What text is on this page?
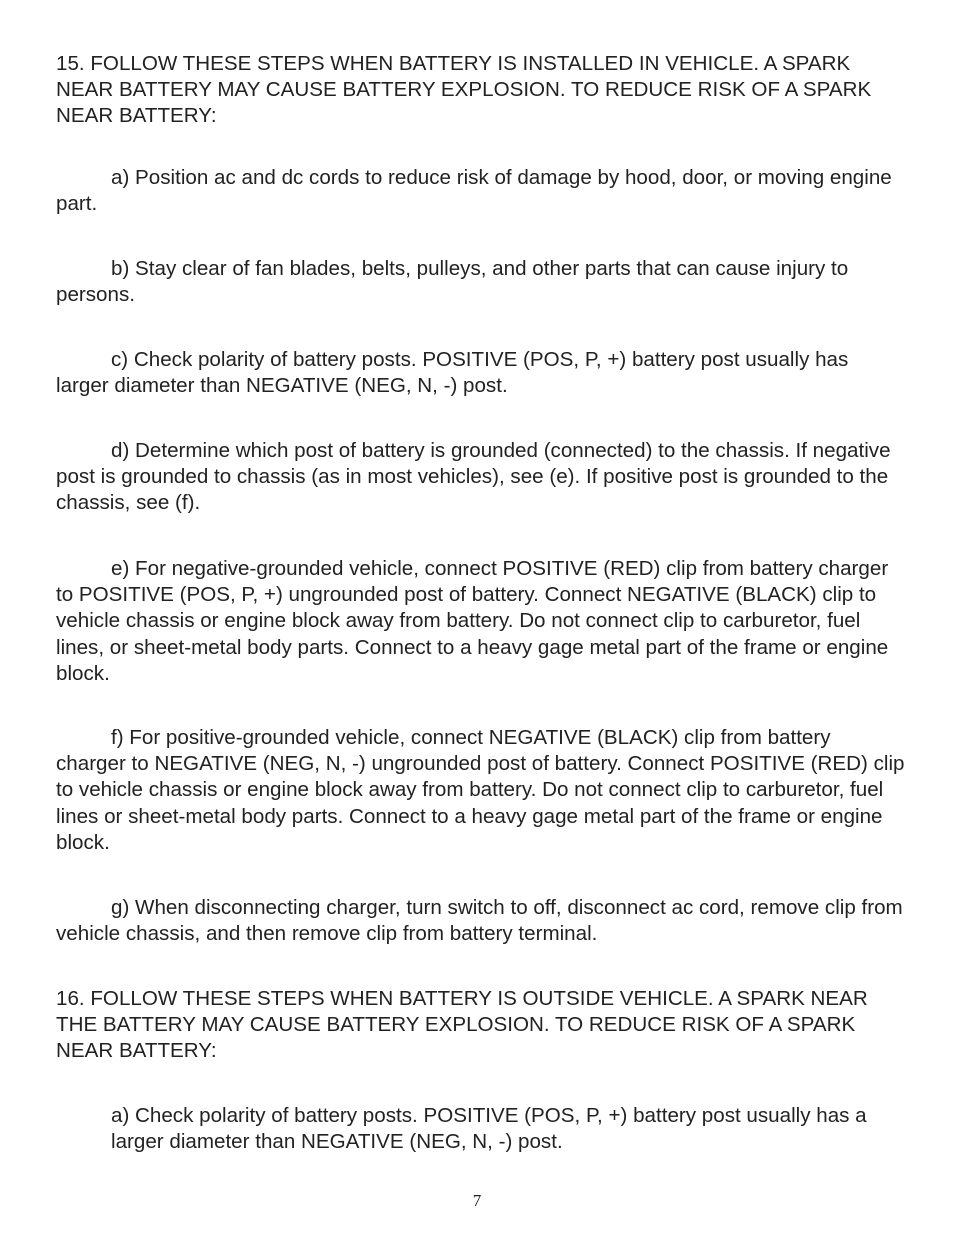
15. FOLLOW THESE STEPS WHEN BATTERY IS INSTALLED IN VEHICLE. A SPARK NEAR BATTERY MAY CAUSE BATTERY EXPLOSION. TO REDUCE RISK OF A SPARK NEAR BATTERY:

a) Position ac and dc cords to reduce risk of damage by hood, door, or moving engine part.

b) Stay clear of fan blades, belts, pulleys, and other parts that can cause injury to persons.

c) Check polarity of battery posts. POSITIVE (POS, P, +) battery post usually has larger diameter than NEGATIVE (NEG, N, -) post.

d) Determine which post of battery is grounded (connected) to the chassis. If negative post is grounded to chassis (as in most vehicles), see (e). If positive post is grounded to the chassis, see (f).

e) For negative-grounded vehicle, connect POSITIVE (RED) clip from battery charger to POSITIVE (POS, P, +) ungrounded post of battery. Connect NEGATIVE (BLACK) clip to vehicle chassis or engine block away from battery. Do not connect clip to carburetor, fuel lines, or sheet-metal body parts. Connect to a heavy gage metal part of the frame or engine block.

f) For positive-grounded vehicle, connect NEGATIVE (BLACK) clip from battery charger to NEGATIVE (NEG, N, -) ungrounded post of battery. Connect POSITIVE (RED) clip to vehicle chassis or engine block away from battery. Do not connect clip to carburetor, fuel lines or sheet-metal body parts. Connect to a heavy gage metal part of the frame or engine block.

g) When disconnecting charger, turn switch to off, disconnect ac cord, remove clip from vehicle chassis, and then remove clip from battery terminal.

16. FOLLOW THESE STEPS WHEN BATTERY IS OUTSIDE VEHICLE. A SPARK NEAR THE BATTERY MAY CAUSE BATTERY EXPLOSION. TO REDUCE RISK OF A SPARK NEAR BATTERY:

a) Check polarity of battery posts. POSITIVE (POS, P, +) battery post usually has a larger diameter than NEGATIVE (NEG, N, -) post.

7
